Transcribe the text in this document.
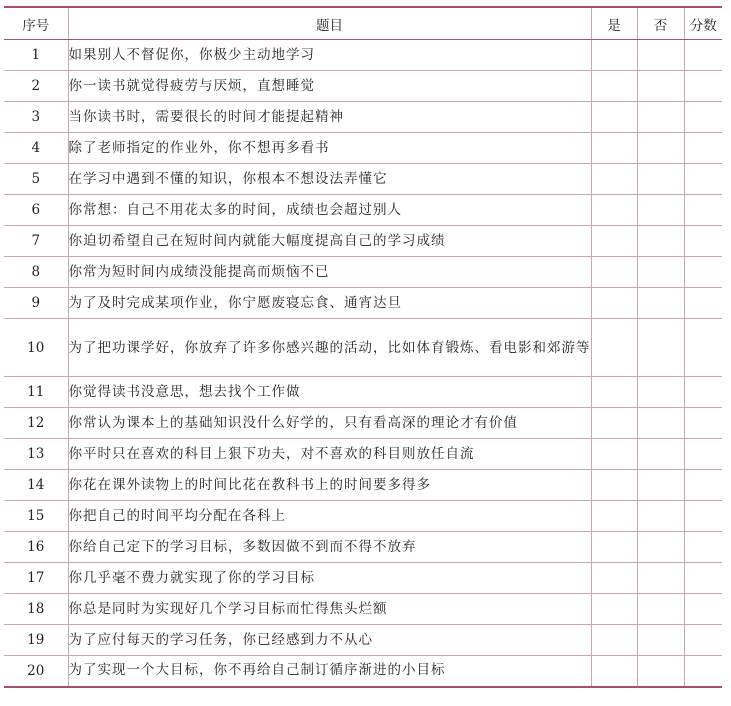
序号	题目	是	否	分数
1	如果别人不督促你，你极少主动地学习			
2	你一读书就觉得疲劳与厌烦，直想睡觉			
3	当你读书时，需要很长的时间才能提起精神			
4	除了老师指定的作业外，你不想再多看书			
5	在学习中遇到不懂的知识，你根本不想设法弄懂它			
6	你常想：自己不用花太多的时间，成绩也会超过别人			
7	你迫切希望自己在短时间内就能大幅度提高自己的学习成绩			
8	你常为短时间内成绩没能提高而烦恼不已			
9	为了及时完成某项作业，你宁愿废寝忘食、通宵达旦			
10	为了把功课学好，你放弃了许多你感兴趣的活动，比如体育锻炼、看电影和郊游等			
11	你觉得读书没意思，想去找个工作做			
12	你常认为课本上的基础知识没什么好学的，只有看高深的理论才有价值			
13	你平时只在喜欢的科目上狠下功夫，对不喜欢的科目则放任自流			
14	你花在课外读物上的时间比花在教科书上的时间要多得多			
15	你把自己的时间平均分配在各科上			
16	你给自己定下的学习目标，多数因做不到而不得不放弃			
17	你几乎毫不费力就实现了你的学习目标			
18	你总是同时为实现好几个学习目标而忙得焦头烂额			
19	为了应付每天的学习任务，你已经感到力不从心			
20	为了实现一个大目标，你不再给自己制订循序渐进的小目标			
